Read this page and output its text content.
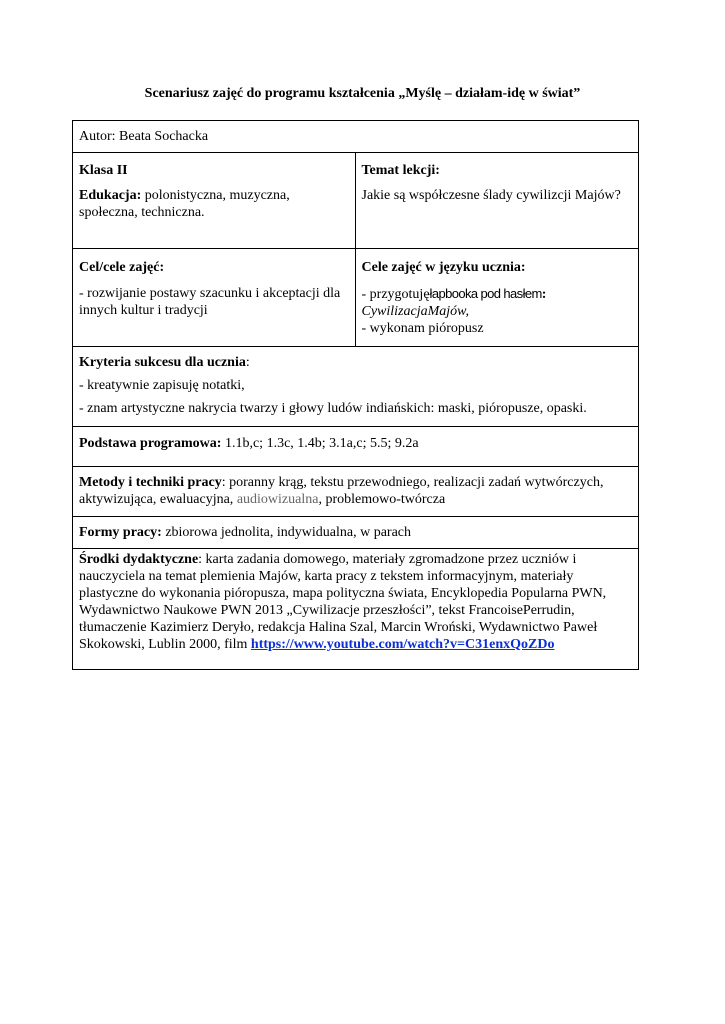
Scenariusz zajęć do programu kształcenia „Myślę – działam-idę w świat”
Autor: Beata Sochacka

Klasa II

Edukacja: polonistyczna, muzyczna, społeczna, techniczna.

Temat lekcji:

Jakie są współczesne ślady cywilizcji Majów?

Cel/cele zajęć:

- rozwijanie postawy szacunku i akceptacji dla innych kultur i tradycji

Cele zajęć w języku ucznia:

- przygotujęłapbooka pod hasłem:

CywilizacjaMajów,

- wykonam pióropusz

Kryteria sukcesu dla ucznia:

- kreatywnie zapisuję notatki,

- znam artystyczne nakrycia twarzy i głowy ludów indiańskich: maski, pióropusze, opaski.

Podstawa programowa: 1.1b,c; 1.3c, 1.4b; 3.1a,c; 5.5; 9.2a
Metody i techniki pracy: poranny krąg, tekstu przewodniego, realizacji zadań wytwórczych, aktywizująca, ewaluacyjna, audiowizualna, problemowo-twórcza
Formy pracy: zbiorowa jednolita, indywidualna, w parach
Środki dydaktyczne: karta zadania domowego, materiały zgromadzone przez uczniów i nauczyciela na temat plemienia Majów, karta pracy z tekstem informacyjnym, materiały plastyczne do wykonania pióropusza, mapa polityczna świata, Encyklopedia Popularna PWN, Wydawnictwo Naukowe PWN 2013 „Cywilizacje przeszłości”, tekst FrancoisePerrudin, tłumaczenie Kazimierz Deryło, redakcja Halina Szal, Marcin Wroński, Wydawnictwo Paweł Skokowski, Lublin 2000, film https://www.youtube.com/watch?v=C31enxQoZDo
